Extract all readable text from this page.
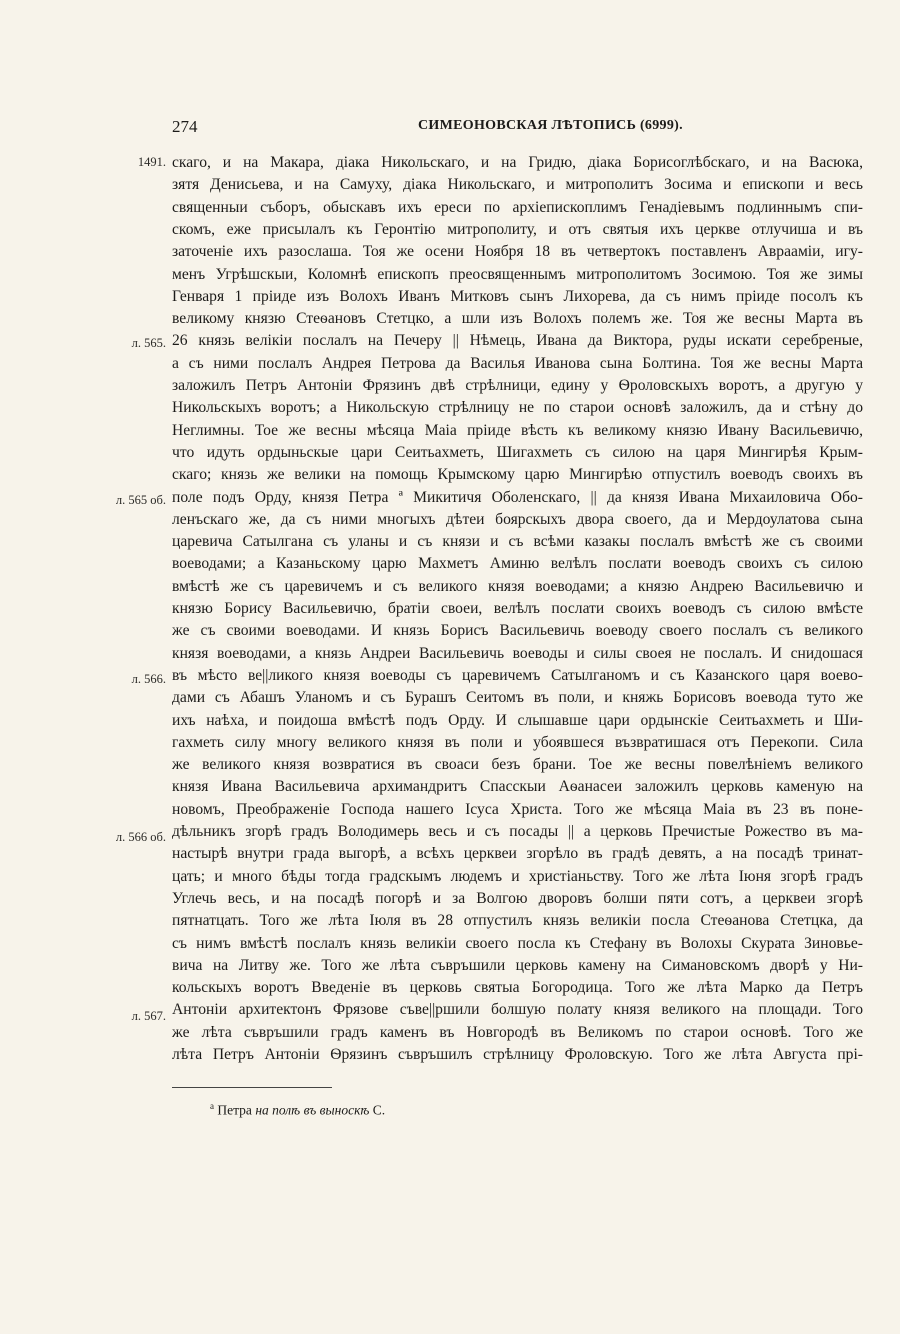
274	СИМЕОНОВСКАЯ ЛѢТОПИСЬ (6999).
1491.
л. 565.
л. 565 об.
л. 566.
л. 566 об.
л. 567.
скаго, и на Макара, діака Никольскаго, и на Гридю, діака Борисоглѣбскаго, и на Васюка,
зятя Денисьева, и на Самуху, діака Никольскаго, и митрополитъ Зосима и епископи и весь
священныи съборъ, обыскавъ ихъ ереси по архіепископлимъ Генадіевымъ подлиннымъ спи-
скомъ, еже присылалъ къ Геронтію митрополиту, и отъ святыя ихъ церкве отлучиша и въ
заточеніе ихъ разослаша. Тоя же осени Ноября 18 въ четвертокъ поставленъ Авраамiи, игу-
менъ Угрѣшскыи, Коломнѣ епископъ преосвященнымъ митрополитомъ Зосимою. Тоя же зимы
Генваря 1 пріиде изъ Волохъ Иванъ Митковъ сынъ Лихорева, да съ нимъ пріиде посолъ къ
великому князю Стеѳановъ Стетцко, а шли изъ Волохъ полемъ же. Тоя же весны Марта въ
26 князь велікіи послалъ на Печеру || Нѣмець, Ивана да Виктора, руды искати серебреные,
а съ ними послалъ Андрея Петрова да Василья Иванова сына Болтина. Тоя же весны Марта
заложилъ Петръ Антоніи Фрязинъ двѣ стрѣлници, едину у Ѳроловскыхъ воротъ, а другую у
Никольскыхъ воротъ; а Никольскую стрѣлницу не по старои основѣ заложилъ, да и стѣну до
Неглимны. Тое же весны мѣсяца Маіа пріиде вѣсть къ великому князю Ивану Васильевичю,
что идуть ордыньскые цари Сеитьахметь, Шигахметь съ силою на царя Мингирѣя Крым-
скаго; князь же велики на помощь Крымскому царю Мингирѣю отпустилъ воеводъ своихъ въ
поле подъ Орду, князя Петра ª Микитичя Оболенскаго, || да князя Ивана Михаиловича Обо-
ленъскаго же, да съ ними многыхъ дѣтеи боярскыхъ двора своего, да и Мердоулатова сына
царевича Сатылгана съ уланы и съ князи и съ всѣми казакы послалъ вмѣстѣ же съ своими
воеводами; а Казаньскому царю Махметъ Аминю велѣлъ послати воеводъ своихъ съ силою
вмѣстѣ же съ царевичемъ и съ великого князя воеводами; а князю Андрею Васильевичю и
князю Борису Васильевичю, братіи своеи, велѣлъ послати своихъ воеводъ съ силою вмѣсте
же съ своими воеводами. И князь Борисъ Васильевичь воеводу своего послалъ съ великого
князя воеводами, а князь Андреи Васильевичь воеводы и силы своея не послалъ. И снидошася
въ мѣсто ве||ликого князя воеводы съ царевичемъ Сатылганомъ и съ Казанского царя воево-
дами съ Абашъ Уланомъ и съ Бурашъ Сеитомъ въ поли, и княжь Борисовъ воевода туто же
ихъ наѣха, и поидоша вмѣстѣ подъ Орду. И слышавше цари ордынскіе Сеитьахметь и Ши-
гахметь силу многу великого князя въ поли и убоявшеся възвратишася отъ Перекопи. Сила
же великого князя возвратися въ своаси безъ брани. Тое же весны повелѣніемъ великого
князя Ивана Васильевича архимандритъ Спасскыи Аѳанасеи заложилъ церковь каменую на
новомъ, Преображеніе Господа нашего Ісуса Христа. Того же мѣсяца Маіа въ 23 въ поне-
дѣльникъ згорѣ градъ Володимерь весь и съ посады || а церковь Пречистые Рожество въ ма-
настырѣ внутри града выгорѣ, а всѣхъ церквеи згорѣло въ градѣ девять, а на посадѣ тринат-
цать; и много бѣды тогда градскымъ людемъ и христіаньству. Того же лѣта Іюня згорѣ градъ
Углечь весь, и на посадѣ погорѣ и за Волгою дворовъ болши пяти сотъ, а церквеи згорѣ
пятнатцать. Того же лѣта Іюля въ 28 отпустилъ князь великіи посла Стеѳанова Стетцка, да
съ нимъ вмѣстѣ послалъ князь великіи своего посла къ Стефану въ Волохы Скурата Зиновье-
вича на Литву же. Того же лѣта съвръшили церковь камену на Симановскомъ дворѣ у Ни-
кольскыхъ воротъ Введеніе въ церковь святыа Богородица. Того же лѣта Марко да Петръ
Антоніи архитектонъ Фрязове съве||ршили болшую полату князя великого на площади. Того
же лѣта съвръшили градъ каменъ въ Новгородѣ въ Великомъ по старои основѣ. Того же
лѣта Петръ Антоніи Ѳрязинъ съвръшилъ стрѣлницу Фроловскую. Того же лѣта Августа прі-
$^а$ Петра на полѣ въ выноскѣ С.
